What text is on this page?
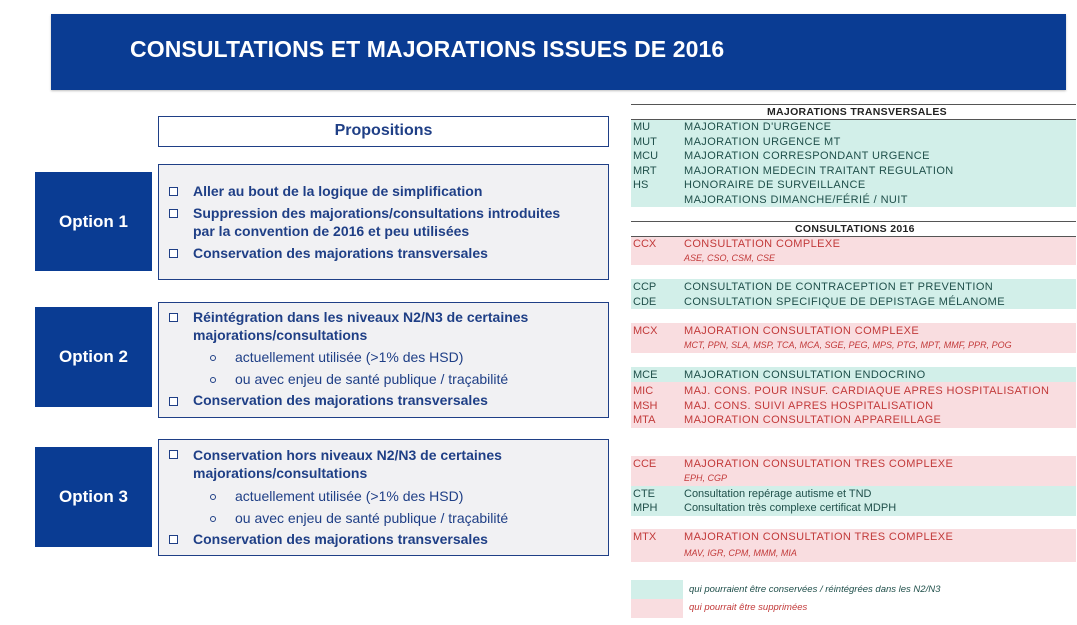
CONSULTATIONS ET MAJORATIONS ISSUES DE 2016
Propositions
Option 1
Aller au bout de la logique de simplification
Suppression des majorations/consultations introduites
par la convention de 2016 et peu utilisées
Conservation des majorations transversales
Option 2
Réintégration dans les niveaux N2/N3 de certaines
majorations/consultations
actuellement utilisée (>1% des HSD)
ou avec enjeu de santé publique / traçabilité
Conservation des majorations transversales
Option 3
Conservation hors niveaux N2/N3 de certaines
majorations/consultations
actuellement utilisée (>1% des HSD)
ou avec enjeu de santé publique / traçabilité
Conservation des majorations transversales
MAJORATIONS TRANSVERSALES
MU	MAJORATION D'URGENCE
MUT MAJORATION URGENCE MT
MCU MAJORATION CORRESPONDANT URGENCE
MRT MAJORATION MEDECIN TRAITANT REGULATION
HS	HONORAIRE DE SURVEILLANCE
MAJORATIONS DIMANCHE/FÉRIÉ / NUIT
CONSULTATIONS 2016
CCX	CONSULTATION COMPLEXE
ASE, CSO, CSM, CSE
CCP	CONSULTATION DE CONTRACEPTION ET PREVENTION
CDE	CONSULTATION SPECIFIQUE DE DEPISTAGE MÉLANOME
MCX MAJORATION CONSULTATION COMPLEXE
MCT, PPN, SLA, MSP, TCA, MCA, SGE, PEG, MPS, PTG, MPT, MMF, PPR, POG
MCE MAJORATION CONSULTATION ENDOCRINO
MIC	MAJ. CONS. POUR INSUF. CARDIAQUE APRES HOSPITALISATION
MSH MAJ. CONS. SUIVI APRES HOSPITALISATION
MTA	MAJORATION CONSULTATION APPAREILLAGE
CCE	MAJORATION CONSULTATION TRES COMPLEXE
EPH, CGP
CTE	Consultation repérage autisme et TND
MPH Consultation très complexe certificat MDPH
MTX	MAJORATION CONSULTATION TRES COMPLEXE
MAV, IGR, CPM, MMM, MIA
qui pourraient être conservées / réintégrées dans les N2/N3
qui pourrait être supprimées
